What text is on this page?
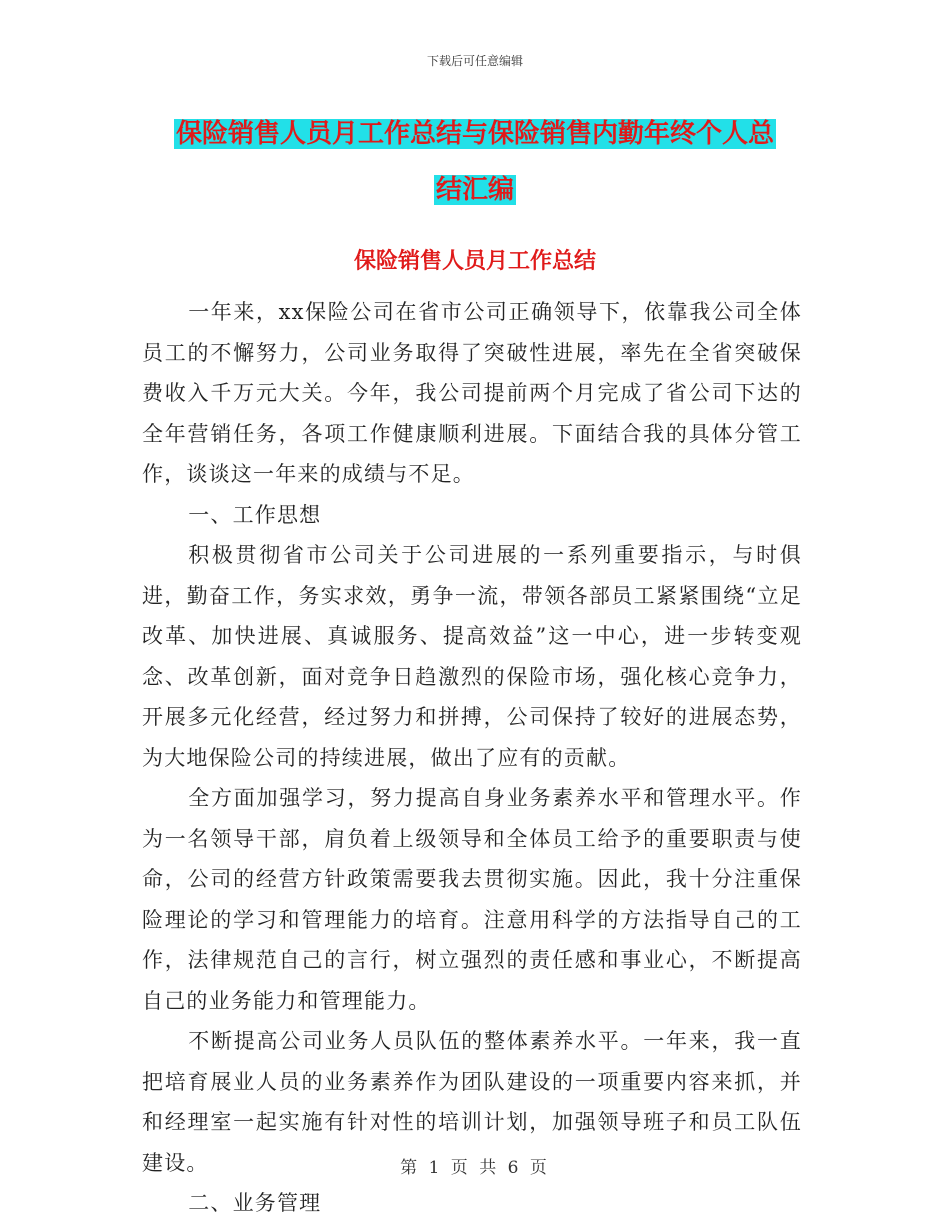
下载后可任意编辑
保险销售人员月工作总结与保险销售内勤年终个人总
结汇编
保险销售人员月工作总结

一年来，xx保险公司在省市公司正确领导下，依靠我公司全体员工的不懈努力，公司业务取得了突破性进展，率先在全省突破保费收入千万元大关。今年，我公司提前两个月完成了省公司下达的全年营销任务，各项工作健康顺利进展。下面结合我的具体分管工作，谈谈这一年来的成绩与不足。

一、工作思想

积极贯彻省市公司关于公司进展的一系列重要指示，与时俱进，勤奋工作，务实求效，勇争一流，带领各部员工紧紧围绕“立足改革、加快进展、真诚服务、提高效益”这一中心，进一步转变观念、改革创新，面对竞争日趋激烈的保险市场，强化核心竞争力，开展多元化经营，经过努力和拼搏，公司保持了较好的进展态势，为大地保险公司的持续进展，做出了应有的贡献。

全方面加强学习，努力提高自身业务素养水平和管理水平。作为一名领导干部，肩负着上级领导和全体员工给予的重要职责与使命，公司的经营方针政策需要我去贯彻实施。因此，我十分注重保险理论的学习和管理能力的培育。注意用科学的方法指导自己的工作，法律规范自己的言行，树立强烈的责任感和事业心，不断提高自己的业务能力和管理能力。

不断提高公司业务人员队伍的整体素养水平。一年来，我一直把培育展业人员的业务素养作为团队建设的一项重要内容来抓，并和经理室一起实施有针对性的培训计划，加强领导班子和员工队伍建设。

二、业务管理

第 1 页 共 6 页
